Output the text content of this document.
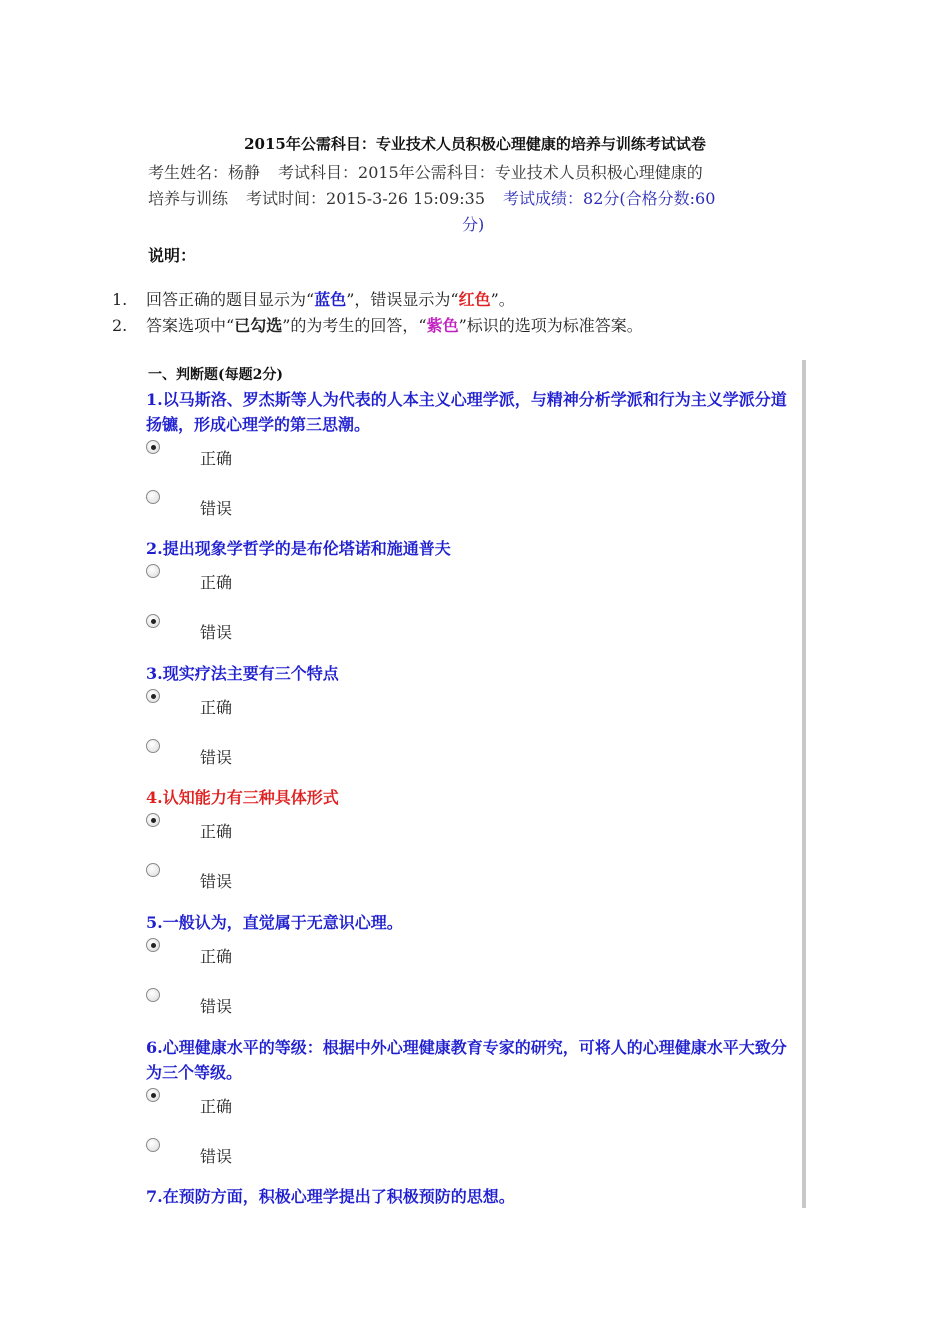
2015年公需科目：专业技术人员积极心理健康的培养与训练考试试卷
考生姓名：杨静 考试科目：2015年公需科目：专业技术人员积极心理健康的
培养与训练 考试时间：2015-3-26 15:09:35 考试成绩：82分(合格分数:60
分)
说明：
1.	回答正确的题目显示为“蓝色”，错误显示为“红色”。
2.	答案选项中“已勾选”的为考生的回答，“紫色”标识的选项为标准答案。
一、判断题(每题2分)
1.以马斯洛、罗杰斯等人为代表的人本主义心理学派，与精神分析学派和行为主义学派分道扬镳，形成心理学的第三思潮。
正确
错误
2.提出现象学哲学的是布伦塔诺和施通普夫
正确
错误
3.现实疗法主要有三个特点
正确
错误
4.认知能力有三种具体形式
正确
错误
5.一般认为，直觉属于无意识心理。
正确
错误
6.心理健康水平的等级：根据中外心理健康教育专家的研究，可将人的心理健康水平大致分为三个等级。
正确
错误
7.在预防方面，积极心理学提出了积极预防的思想。
